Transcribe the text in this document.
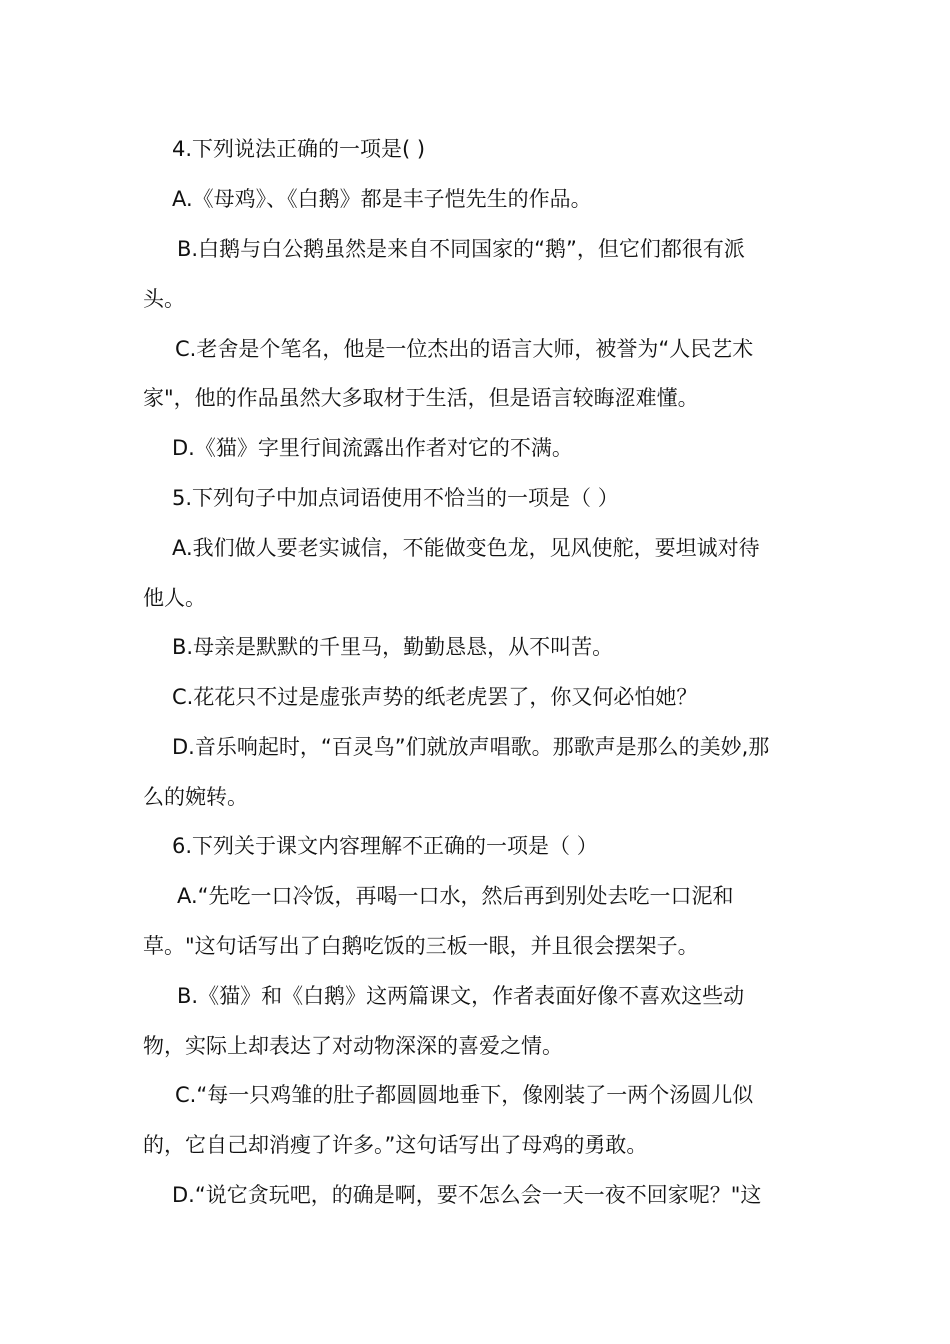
4.下列说法正确的一项是( )
A.《母鸡》、《白鹅》都是丰子恺先生的作品。
B.白鹅与白公鹅虽然是来自不同国家的“鹅”，但它们都很有派
头。
C.老舍是个笔名，他是一位杰出的语言大师，被誉为“人民艺术
家"，他的作品虽然大多取材于生活，但是语言较晦涩难懂。
D.《猫》字里行间流露出作者对它的不满。
5.下列句子中加点词语使用不恰当的一项是（ ）
A.我们做人要老实诚信，不能做变色龙，见风使舵，要坦诚对待
他人。
B.母亲是默默的千里马，勤勤恳恳，从不叫苦。
C.花花只不过是虚张声势的纸老虎罢了，你又何必怕她？
D.音乐响起时，“百灵鸟”们就放声唱歌。那歌声是那么的美妙,那
么的婉转。
6.下列关于课文内容理解不正确的一项是（ ）
A.“先吃一口冷饭，再喝一口水，然后再到别处去吃一口泥和
草。"这句话写出了白鹅吃饭的三板一眼，并且很会摆架子。
B.《猫》和《白鹅》这两篇课文，作者表面好像不喜欢这些动
物，实际上却表达了对动物深深的喜爱之情。
C.“每一只鸡雏的肚子都圆圆地垂下，像刚装了一两个汤圆儿似
的，它自己却消瘦了许多。”这句话写出了母鸡的勇敢。
D.“说它贪玩吧，的确是啊，要不怎么会一天一夜不回家呢？"这
